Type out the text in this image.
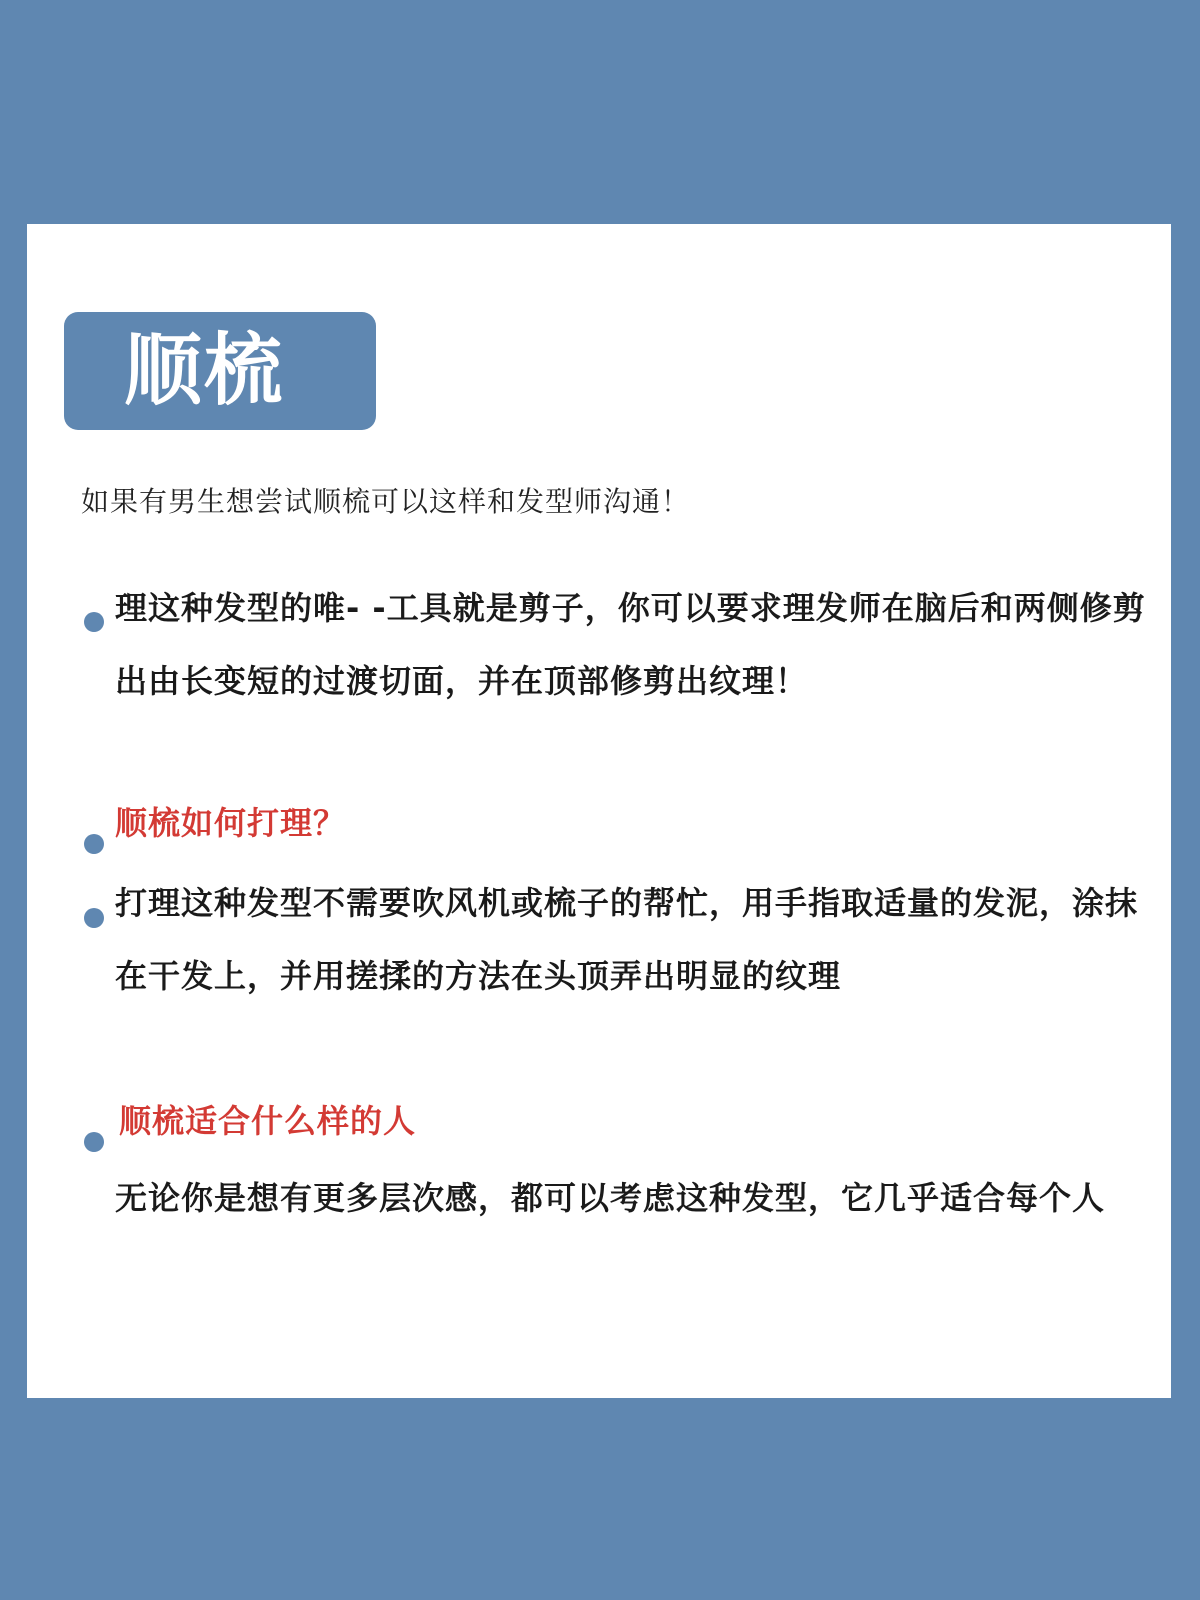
顺梳
如果有男生想尝试顺梳可以这样和发型师沟通！
理这种发型的唯- -工具就是剪子，你可以要求理发师在脑后和两侧修剪出由长变短的过渡切面，并在顶部修剪出纹理！
顺梳如何打理？
打理这种发型不需要吹风机或梳子的帮忙，用手指取适量的发泥，涂抹在干发上，并用搓揉的方法在头顶弄出明显的纹理
顺梳适合什么样的人
无论你是想有更多层次感，都可以考虑这种发型，它几乎适合每个人
